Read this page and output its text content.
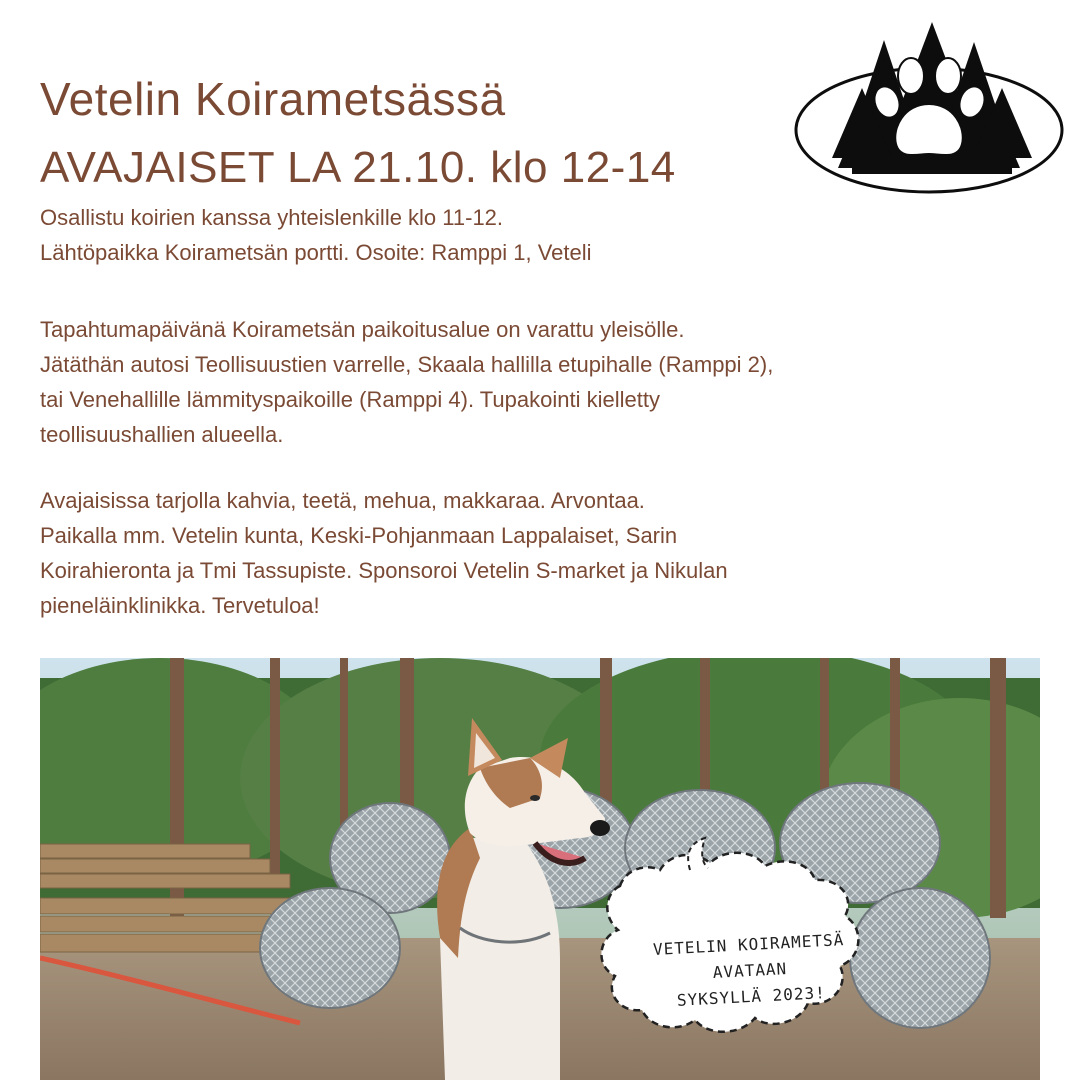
Vetelin Koirametsässä
AVAJAISET LA 21.10. klo 12-14
Osallistu koirien kanssa yhteislenkille klo 11-12.
Lähtöpaikka Koirametsän portti. Osoite: Ramppi 1, Veteli
Tapahtumapäivänä Koirametsän paikoitusalue on varattu yleisölle.
Jätäthän autosi Teollisuustien varrelle, Skaala hallilla etupihalle (Ramppi 2),
tai Venehallille lämmityspaikoille (Ramppi 4). Tupakointi kielletty
teollisuushallien alueella.
Avajaisissa tarjolla kahvia, teetä, mehua, makkaraa. Arvontaa.
Paikalla mm. Vetelin kunta, Keski-Pohjanmaan Lappalaiset, Sarin
Koirahieronta ja Tmi Tassupiste. Sponsoroi Vetelin S-market ja Nikulan
pieneläinklinikka. Tervetuloa!
VETELIN KOIRAMETSÄ AVATAAN
SYKSYLLÄ 2023!
